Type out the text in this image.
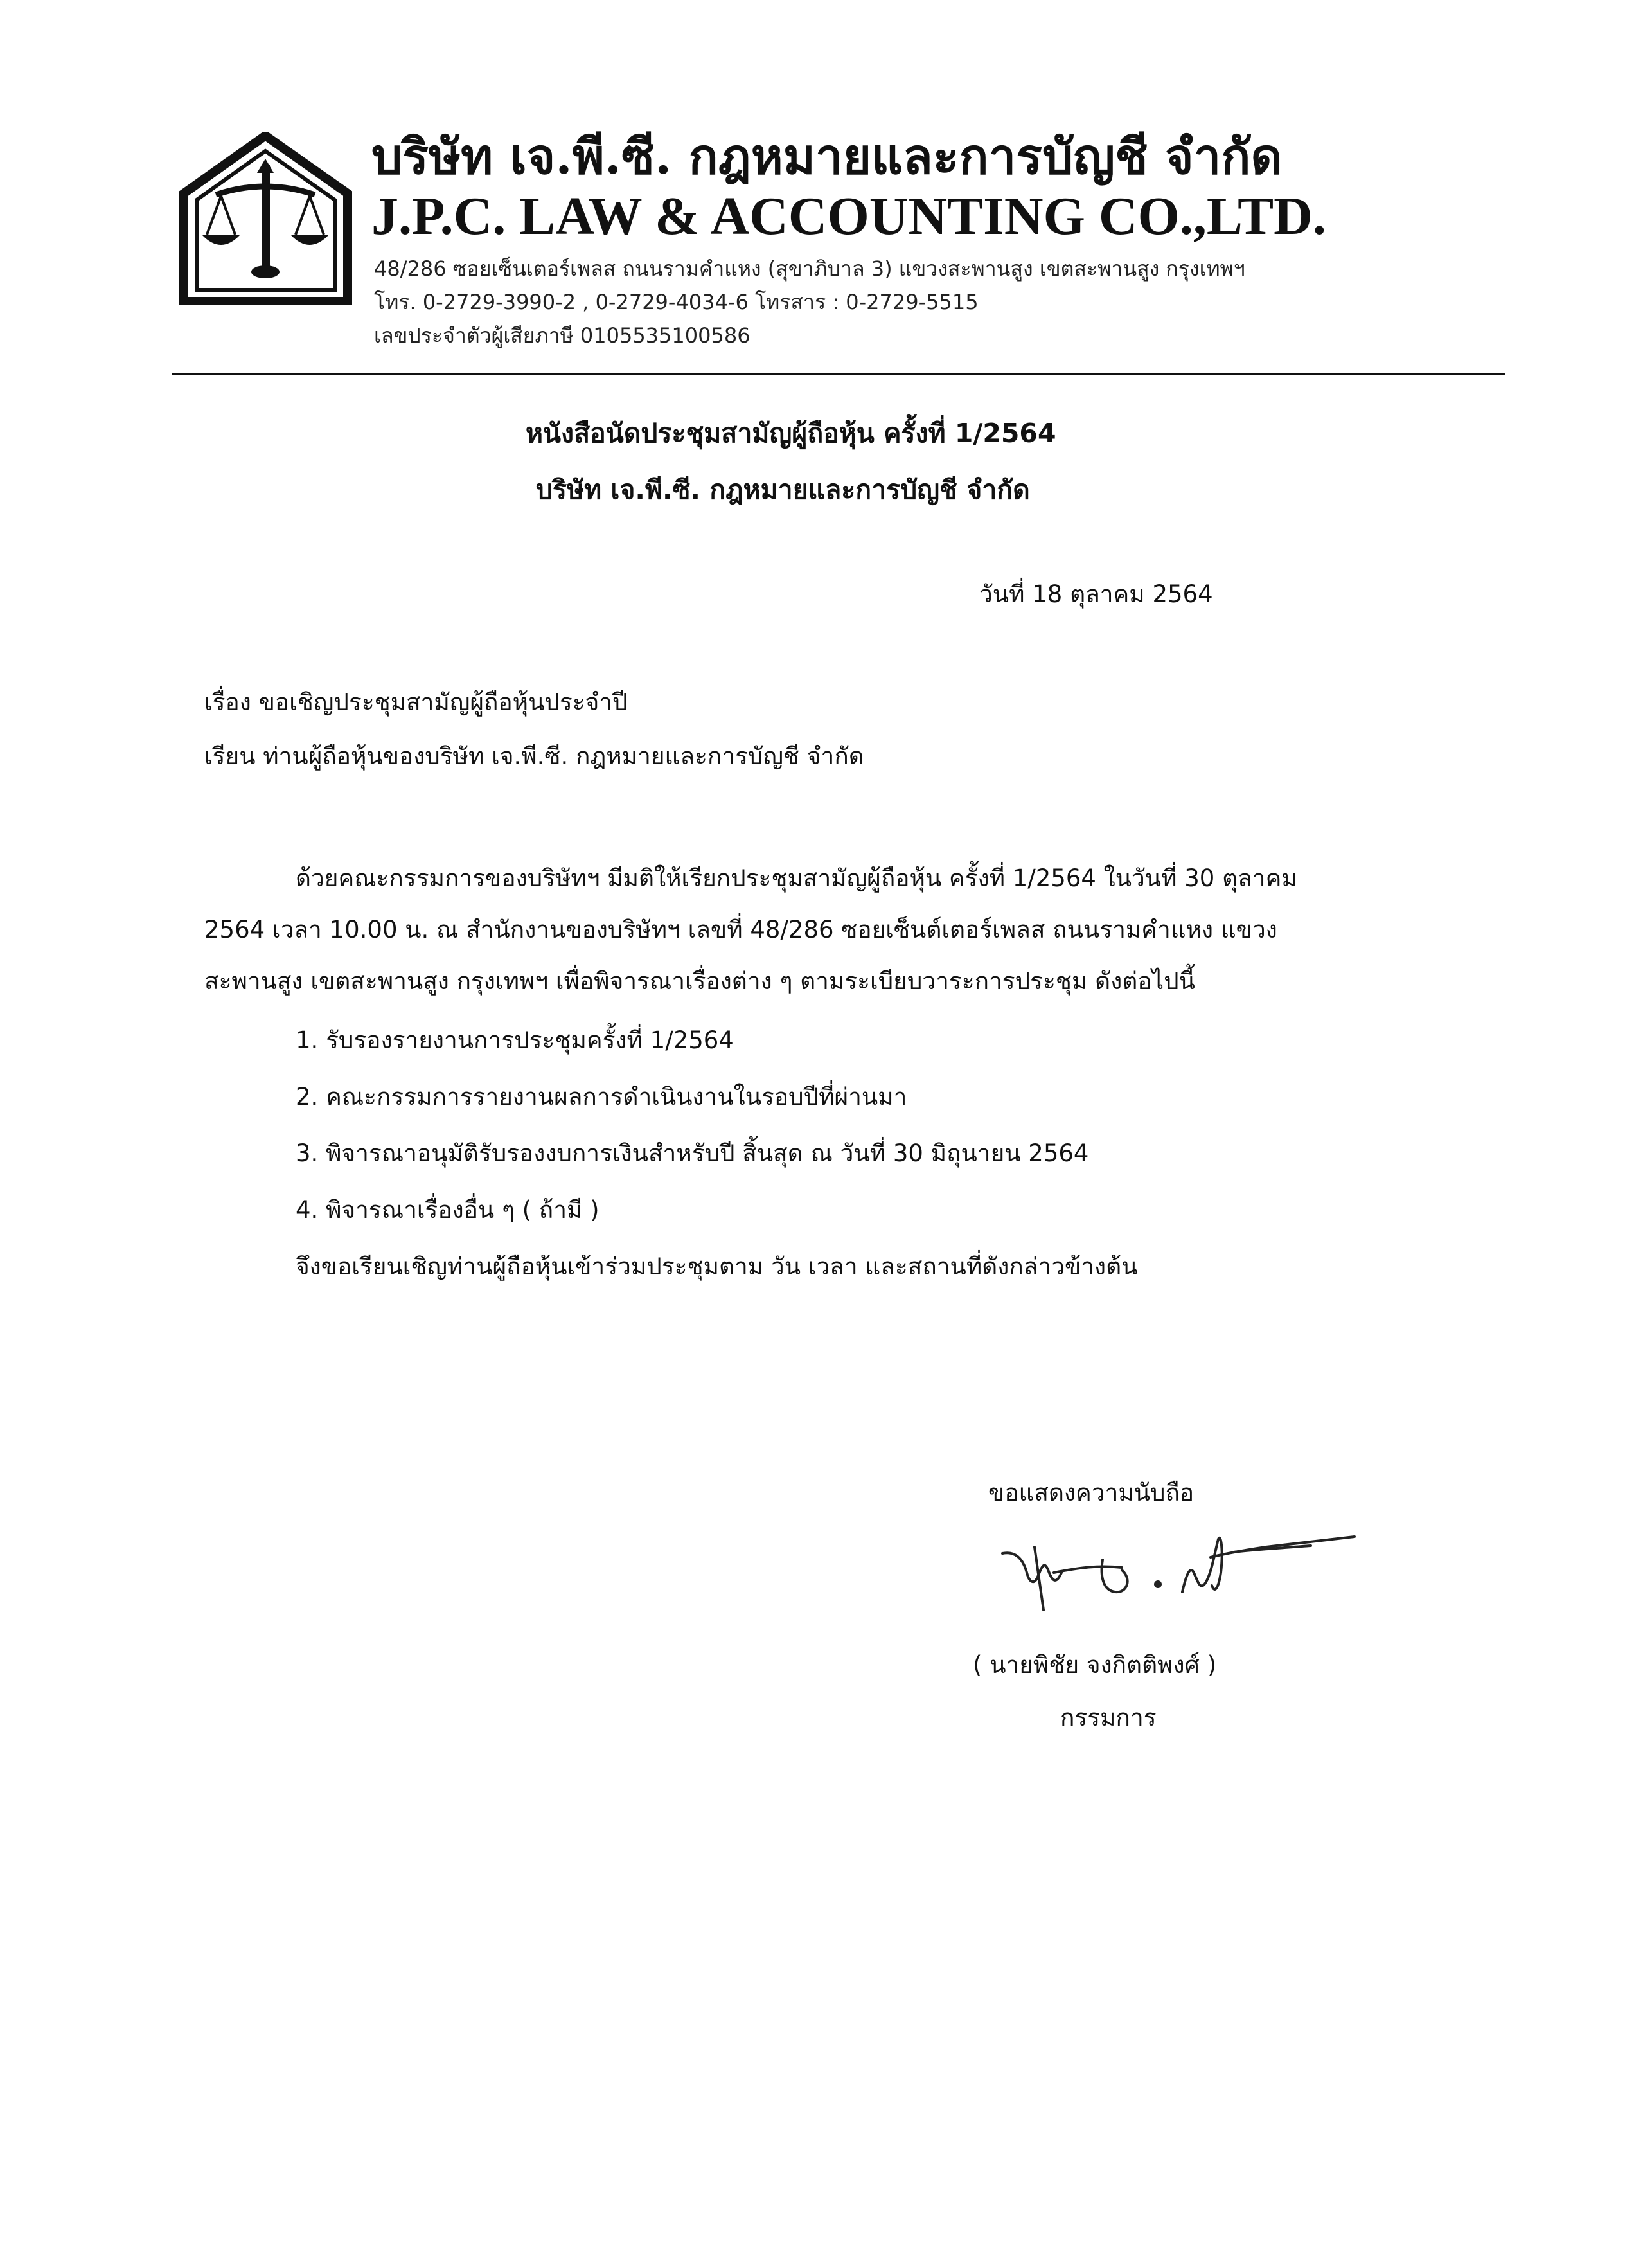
บริษัท เจ.พี.ซี. กฎหมายและการบัญชี จำกัด
J.P.C. LAW & ACCOUNTING CO.,LTD.
48/286 ซอยเซ็นเตอร์เพลส ถนนรามคำแหง (สุขาภิบาล 3) แขวงสะพานสูง เขตสะพานสูง กรุงเทพฯ
โทร. 0-2729-3990-2 , 0-2729-4034-6 โทรสาร : 0-2729-5515
เลขประจำตัวผู้เสียภาษี 0105535100586
หนังสือนัดประชุมสามัญผู้ถือหุ้น ครั้งที่ 1/2564
บริษัท เจ.พี.ซี. กฎหมายและการบัญชี จำกัด
วันที่ 18 ตุลาคม 2564
เรื่อง ขอเชิญประชุมสามัญผู้ถือหุ้นประจำปี
เรียน ท่านผู้ถือหุ้นของบริษัท เจ.พี.ซี. กฎหมายและการบัญชี จำกัด
ด้วยคณะกรรมการของบริษัทฯ มีมติให้เรียกประชุมสามัญผู้ถือหุ้น ครั้งที่ 1/2564 ในวันที่ 30 ตุลาคม
2564 เวลา 10.00 น. ณ สำนักงานของบริษัทฯ เลขที่ 48/286 ซอยเซ็นต์เตอร์เพลส ถนนรามคำแหง แขวง
สะพานสูง เขตสะพานสูง กรุงเทพฯ เพื่อพิจารณาเรื่องต่าง ๆ ตามระเบียบวาระการประชุม ดังต่อไปนี้
1. รับรองรายงานการประชุมครั้งที่ 1/2564
2. คณะกรรมการรายงานผลการดำเนินงานในรอบปีที่ผ่านมา
3. พิจารณาอนุมัติรับรองงบการเงินสำหรับปี สิ้นสุด ณ วันที่ 30 มิถุนายน 2564
4. พิจารณาเรื่องอื่น ๆ ( ถ้ามี )
จึงขอเรียนเชิญท่านผู้ถือหุ้นเข้าร่วมประชุมตาม วัน เวลา และสถานที่ดังกล่าวข้างต้น
ขอแสดงความนับถือ
( นายพิชัย จงกิตติพงศ์ )
กรรมการ
